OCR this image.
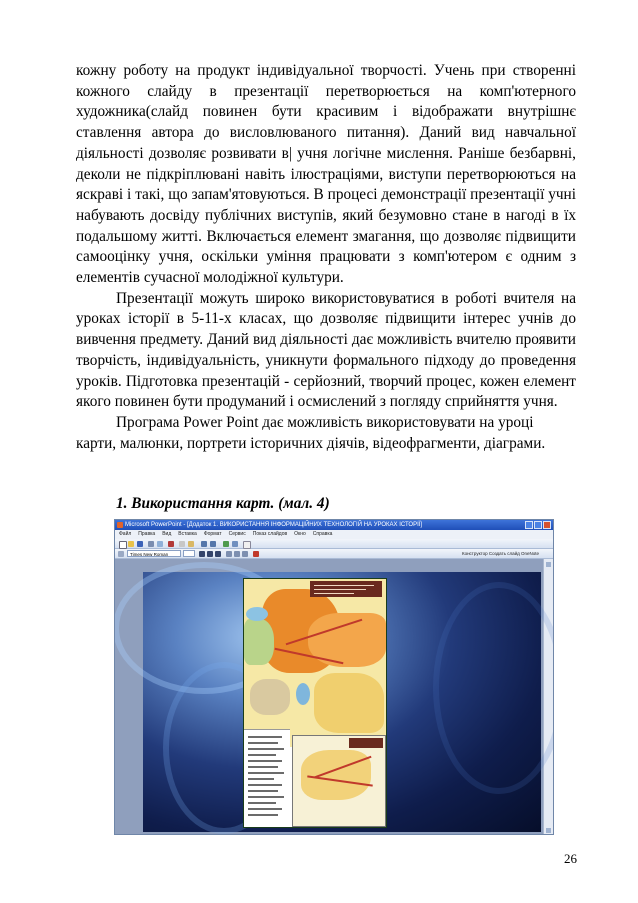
кожну роботу на продукт індивідуальної творчості. Учень при створенні кожного слайду в презентації перетворюється на комп'ютерного художника(слайд повинен бути красивим і відображати внутрішнє ставлення автора до висловлюваного питання). Даний вид навчальної діяльності дозволяє розвивати в| учня логічне мислення. Раніше безбарвні, деколи не підкріплювані навіть ілюстраціями, виступи перетворюються на яскраві і такі, що запам'ятовуються. В процесі демонстрації презентації учні набувають досвіду публічних виступів, який безумовно стане в нагоді в їх подальшому житті. Включається елемент змагання, що дозволяє підвищити самооцінку учня, оскільки уміння працювати з комп'ютером є одним з елементів сучасної молодіжної культури.

Презентації можуть широко використовуватися в роботі вчителя на уроках історії в 5-11-х класах, що дозволяє підвищити інтерес учнів до вивчення предмету. Даний вид діяльності дає можливість вчителю проявити творчість, індивідуальність, уникнути формального підходу до проведення уроків. Підготовка презентацій - серйозний, творчий процес, кожен елемент якого повинен бути продуманий і осмислений з погляду сприйняття учня.

Програма Power Point дає можливість використовувати на уроці карти, малюнки, портрети історичних діячів, відеофрагменти, діаграми.

1. Використання карт. (мал. 4)
Microsoft PowerPoint - [Додаток 1. ВИКОРИСТАННЯ ІНФОРМАЦІЙНИХ ТЕХНОЛОГІЙ НА УРОКАХ ІСТОРІЇ]
Файл Правка Вид Вставка Формат Сервис Показ слайдов Окно Справка
Times New Roman	Конструктор Создать слайд OneNote
26
